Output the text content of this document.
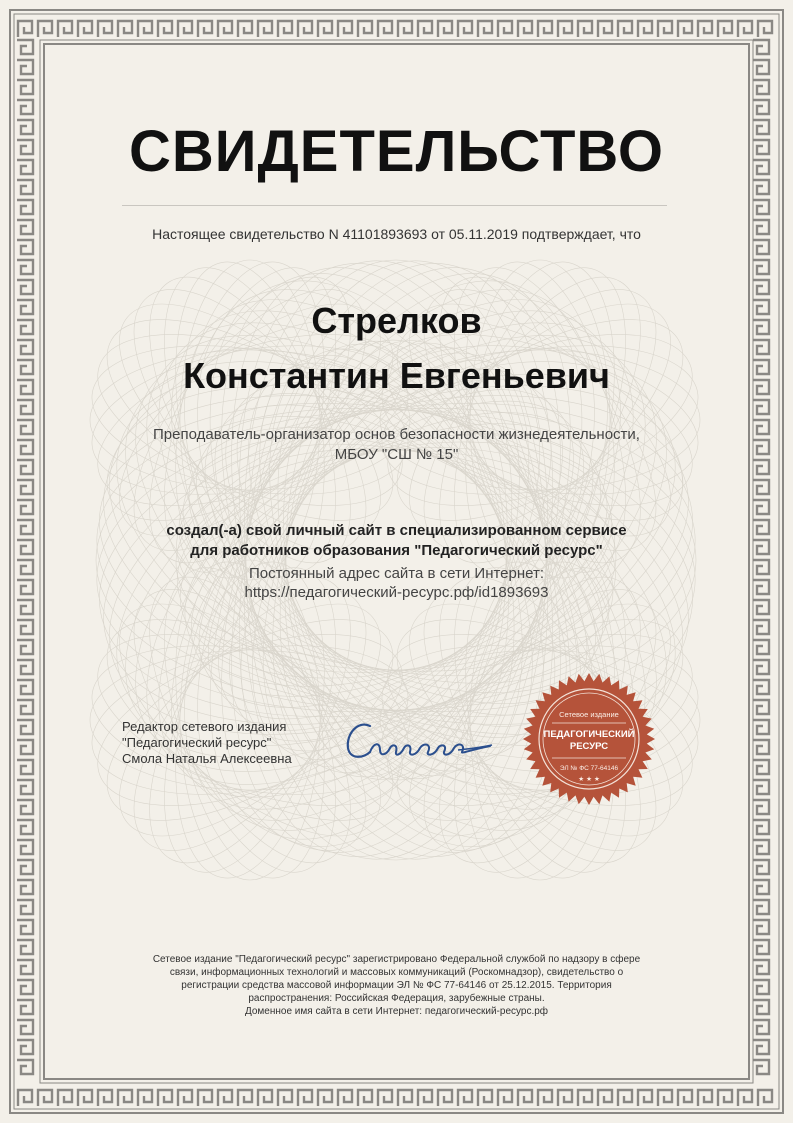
СВИДЕТЕЛЬСТВО
Настоящее свидетельство N 41101893693 от 05.11.2019 подтверждает, что
Стрелков
Константин Евгеньевич
Преподаватель-организатор основ безопасности жизнедеятельности,
МБОУ "СШ № 15"
создал(-а) свой личный сайт в специализированном сервисе
для работников образования "Педагогический ресурс"
Постоянный адрес сайта в сети Интернет:
https://педагогический-ресурс.рф/id1893693
Редактор сетевого издания
"Педагогический ресурс"
Смола Наталья Алексеевна
Сетевое издание
ПЕДАГОГИЧЕСКИЙ
РЕСУРС
ЭЛ № ФС 77-64146
★ ★ ★
Сетевое издание "Педагогический ресурс" зарегистрировано Федеральной службой по надзору в сфере
связи, информационных технологий и массовых коммуникаций (Роскомнадзор), свидетельство о
регистрации средства массовой информации ЭЛ № ФС 77-64146 от 25.12.2015. Территория
распространения: Российская Федерация, зарубежные страны.
Доменное имя сайта в сети Интернет: педагогический-ресурс.рф
